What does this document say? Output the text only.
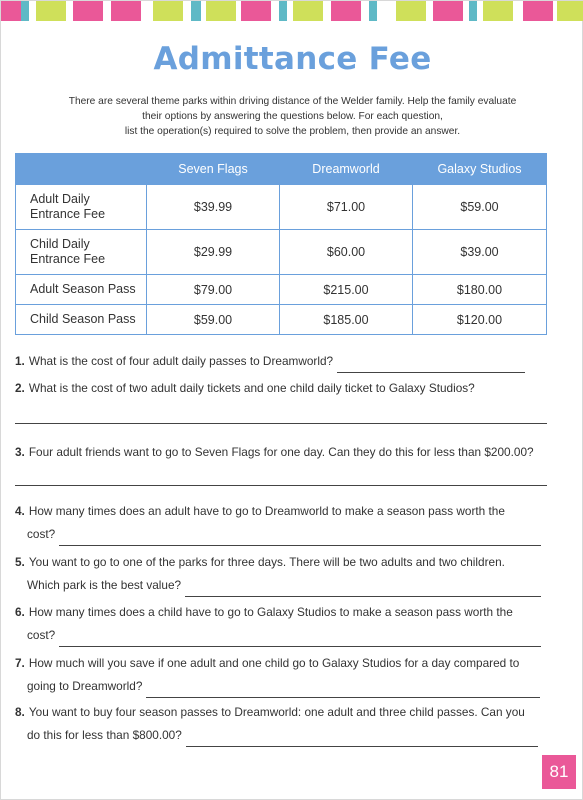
Admittance Fee
There are several theme parks within driving distance of the Welder family. Help the family evaluate
their options by answering the questions below. For each question,
list the operation(s) required to solve the problem, then provide an answer.
	Seven Flags	Dreamworld	Galaxy Studios
Adult Daily
Entrance Fee	$39.99	$71.00	$59.00
Child Daily
Entrance Fee	$29.99	$60.00	$39.00
Adult Season Pass	$79.00	$215.00	$180.00
Child Season Pass	$59.00	$185.00	$120.00
1. What is the cost of four adult daily passes to Dreamworld?
2. What is the cost of two adult daily tickets and one child daily ticket to Galaxy Studios?
3. Four adult friends want to go to Seven Flags for one day. Can they do this for less than $200.00?
4. How many times does an adult have to go to Dreamworld to make a season pass worth the
cost?
5. You want to go to one of the parks for three days. There will be two adults and two children.
Which park is the best value?
6. How many times does a child have to go to Galaxy Studios to make a season pass worth the
cost?
7. How much will you save if one adult and one child go to Galaxy Studios for a day compared to
going to Dreamworld?
8. You want to buy four season passes to Dreamworld: one adult and three child passes. Can you
do this for less than $800.00?
81
